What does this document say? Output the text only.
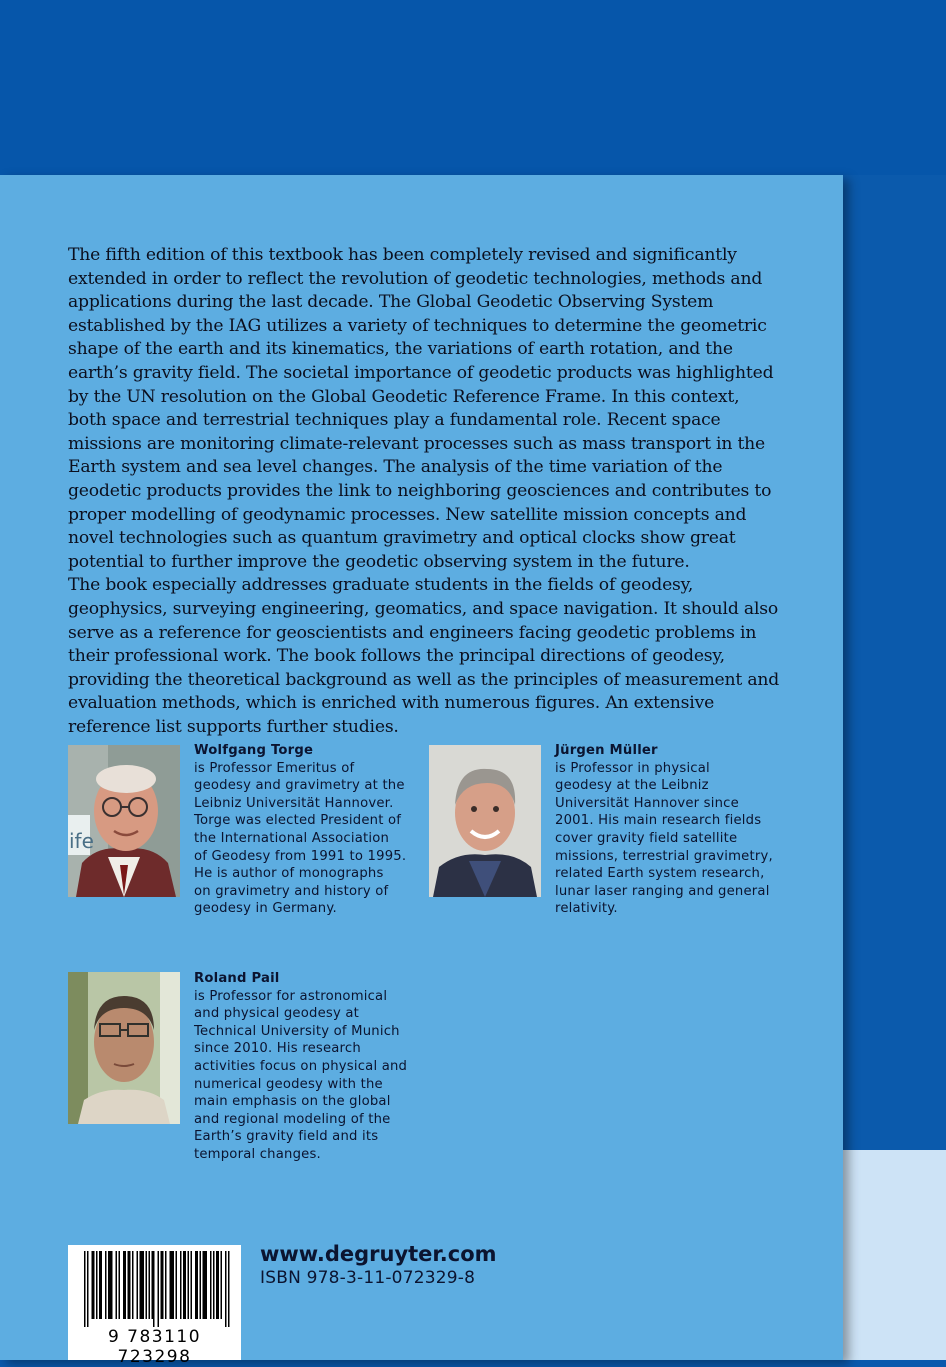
The fifth edition of this textbook has been completely revised and significantly extended in order to reflect the revolution of geodetic technologies, methods and applications during the last decade. The Global Geodetic Observing System established by the IAG utilizes a variety of techniques to determine the geometric shape of the earth and its kinematics, the variations of earth rotation, and the earth’s gravity field. The societal importance of geodetic products was highlighted by the UN resolution on the Global Geodetic Reference Frame. In this context, both space and terrestrial techniques play a fundamental role. Recent space missions are monitoring climate-relevant processes such as mass transport in the Earth system and sea level changes. The analysis of the time variation of the geodetic products provides the link to neighboring geosciences and contributes to proper modelling of geodynamic processes. New satellite mission concepts and novel technologies such as quantum gravimetry and optical clocks show great potential to further improve the geodetic observing system in the future.

The book especially addresses graduate students in the fields of geodesy, geophysics, surveying engineering, geomatics, and space navigation. It should also serve as a reference for geoscientists and engineers facing geodetic problems in their professional work. The book follows the principal directions of geodesy, providing the theoretical background as well as the principles of measurement and evaluation methods, which is enriched with numerous figures. An extensive reference list supports further studies.

ife
Wolfgang Torge
is Professor Emeritus of
geodesy and gravimetry at the
Leibniz Universität Hannover.
Torge was elected President of
the International Association
of Geodesy from 1991 to 1995.
He is author of monographs
on gravimetry and history of
geodesy in Germany.
Jürgen Müller
is Professor in physical
geodesy at the Leibniz
Universität Hannover since
2001. His main research fields
cover gravity field satellite
missions, terrestrial gravimetry,
related Earth system research,
lunar laser ranging and general
relativity.
Roland Pail
is Professor for astronomical
and physical geodesy at
Technical University of Munich
since 2010. His research
activities focus on physical and
numerical geodesy with the
main emphasis on the global
and regional modeling of the
Earth’s gravity field and its
temporal changes.
9 783110 723298
www.degruyter.com
ISBN 978-3-11-072329-8
